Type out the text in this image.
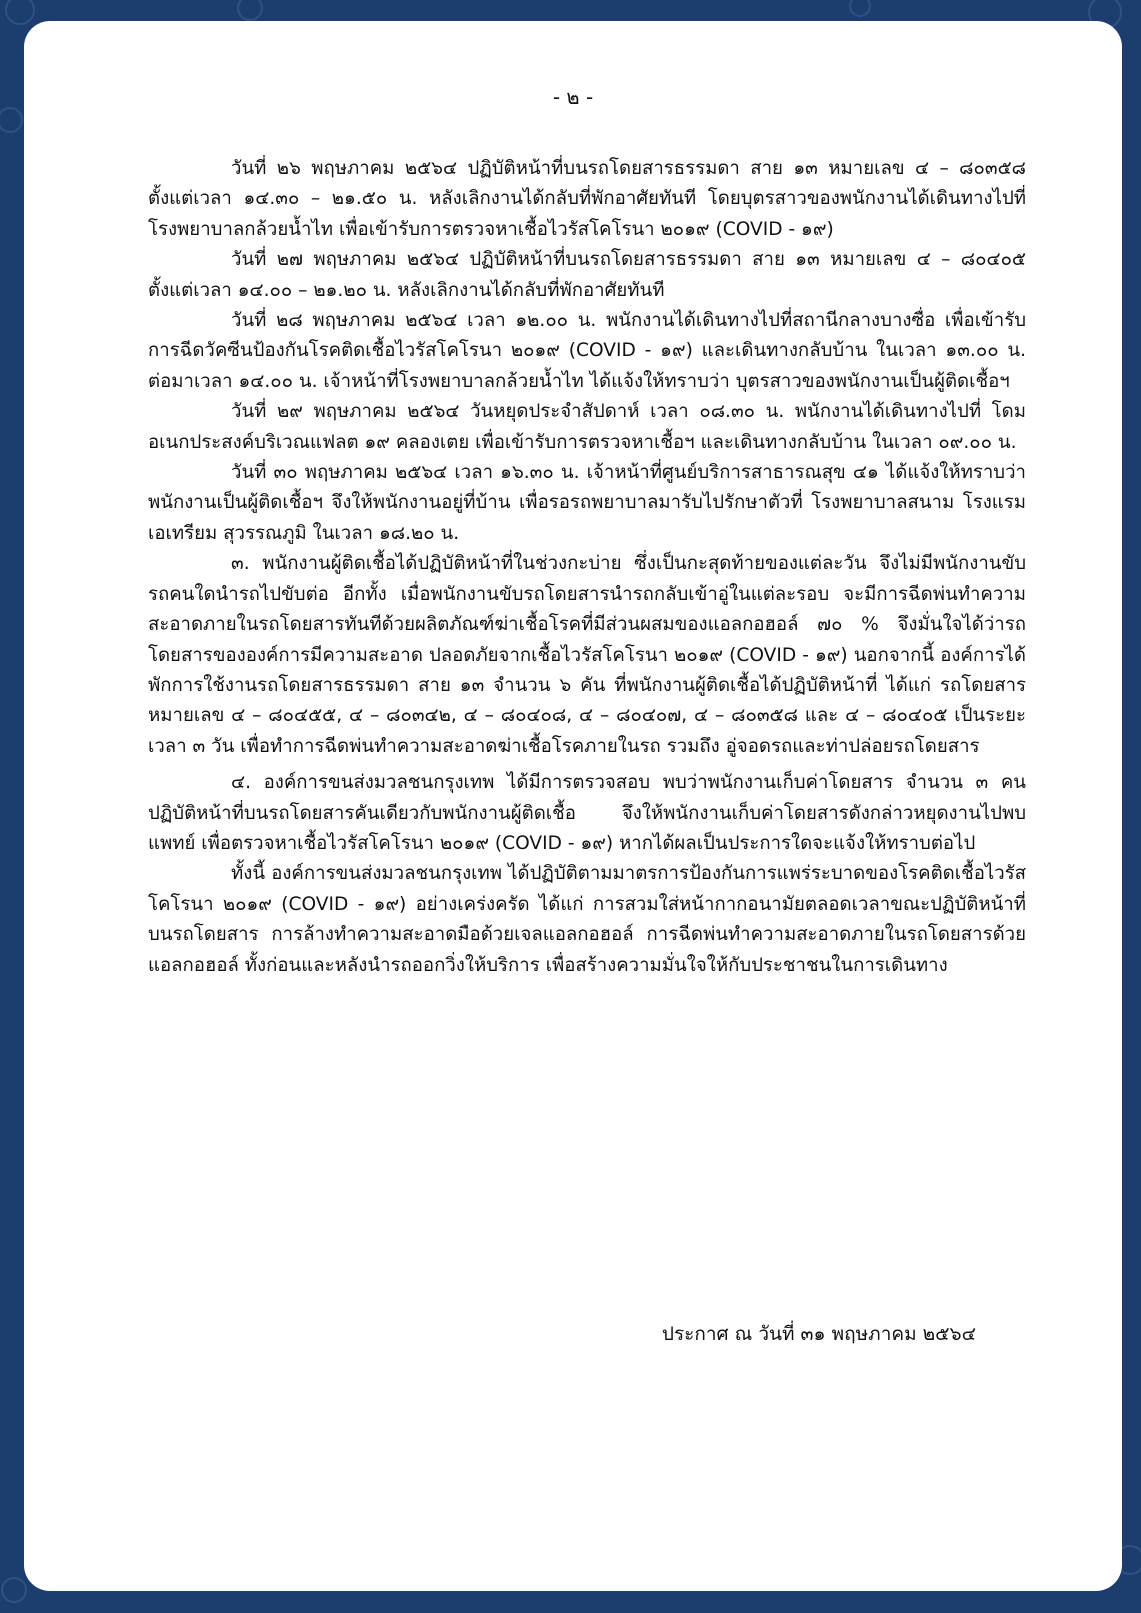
- ๒ -

วันที่ ๒๖ พฤษภาคม ๒๕๖๔ ปฏิบัติหน้าที่บนรถโดยสารธรรมดา สาย ๑๓ หมายเลข ๔ – ๘๐๓๕๘ ตั้งแต่เวลา ๑๔.๓๐ – ๒๑.๕๐ น. หลังเลิกงานได้กลับที่พักอาศัยทันที โดยบุตรสาวของพนักงานได้เดินทางไปที่ โรงพยาบาลกล้วยน้ำไท เพื่อเข้ารับการตรวจหาเชื้อไวรัสโคโรนา ๒๐๑๙ (COVID - ๑๙)

วันที่ ๒๗ พฤษภาคม ๒๕๖๔ ปฏิบัติหน้าที่บนรถโดยสารธรรมดา สาย ๑๓ หมายเลข ๔ – ๘๐๔๐๕ ตั้งแต่เวลา ๑๔.๐๐ – ๒๑.๒๐ น. หลังเลิกงานได้กลับที่พักอาศัยทันที

วันที่ ๒๘ พฤษภาคม ๒๕๖๔ เวลา ๑๒.๐๐ น. พนักงานได้เดินทางไปที่สถานีกลางบางซื่อ เพื่อเข้ารับการฉีดวัคซีนป้องกันโรคติดเชื้อไวรัสโคโรนา ๒๐๑๙ (COVID - ๑๙) และเดินทางกลับบ้าน ในเวลา ๑๓.๐๐ น. ต่อมาเวลา ๑๔.๐๐ น. เจ้าหน้าที่โรงพยาบาลกล้วยน้ำไท ได้แจ้งให้ทราบว่า บุตรสาวของพนักงานเป็นผู้ติดเชื้อฯ

วันที่ ๒๙ พฤษภาคม ๒๕๖๔ วันหยุดประจำสัปดาห์ เวลา ๐๘.๓๐ น. พนักงานได้เดินทางไปที่ โดมอเนกประสงค์บริเวณแฟลต ๑๙ คลองเตย เพื่อเข้ารับการตรวจหาเชื้อฯ และเดินทางกลับบ้าน ในเวลา ๐๙.๐๐ น.

วันที่ ๓๐ พฤษภาคม ๒๕๖๔ เวลา ๑๖.๓๐ น. เจ้าหน้าที่ศูนย์บริการสาธารณสุข ๔๑ ได้แจ้งให้ทราบว่า พนักงานเป็นผู้ติดเชื้อฯ จึงให้พนักงานอยู่ที่บ้าน เพื่อรอรถพยาบาลมารับไปรักษาตัวที่ โรงพยาบาลสนาม โรงแรมเอเทรียม สุวรรณภูมิ ในเวลา ๑๘.๒๐ น.

๓. พนักงานผู้ติดเชื้อได้ปฏิบัติหน้าที่ในช่วงกะบ่าย ซึ่งเป็นกะสุดท้ายของแต่ละวัน จึงไม่มีพนักงานขับรถคนใดนำรถไปขับต่อ อีกทั้ง เมื่อพนักงานขับรถโดยสารนำรถกลับเข้าอู่ในแต่ละรอบ จะมีการฉีดพ่นทำความสะอาดภายในรถโดยสารทันทีด้วยผลิตภัณฑ์ฆ่าเชื้อโรคที่มีส่วนผสมของแอลกอฮอล์ ๗๐ % จึงมั่นใจได้ว่ารถโดยสารขององค์การมีความสะอาด ปลอดภัยจากเชื้อไวรัสโคโรนา ๒๐๑๙ (COVID - ๑๙) นอกจากนี้ องค์การได้พักการใช้งานรถโดยสารธรรมดา สาย ๑๓ จำนวน ๖ คัน ที่พนักงานผู้ติดเชื้อได้ปฏิบัติหน้าที่ ได้แก่ รถโดยสาร หมายเลข ๔ – ๘๐๔๕๕, ๔ – ๘๐๓๔๒, ๔ – ๘๐๔๐๘, ๔ – ๘๐๔๐๗, ๔ – ๘๐๓๕๘ และ ๔ – ๘๐๔๐๕ เป็นระยะเวลา ๓ วัน เพื่อทำการฉีดพ่นทำความสะอาดฆ่าเชื้อโรคภายในรถ รวมถึง อู่จอดรถและท่าปล่อยรถโดยสาร

๔. องค์การขนส่งมวลชนกรุงเทพ ได้มีการตรวจสอบ พบว่าพนักงานเก็บค่าโดยสาร จำนวน ๓ คน ปฏิบัติหน้าที่บนรถโดยสารคันเดียวกับพนักงานผู้ติดเชื้อ จึงให้พนักงานเก็บค่าโดยสารดังกล่าวหยุดงานไปพบแพทย์ เพื่อตรวจหาเชื้อไวรัสโคโรนา ๒๐๑๙ (COVID - ๑๙) หากได้ผลเป็นประการใดจะแจ้งให้ทราบต่อไป

ทั้งนี้ องค์การขนส่งมวลชนกรุงเทพ ได้ปฏิบัติตามมาตรการป้องกันการแพร่ระบาดของโรคติดเชื้อไวรัสโคโรนา ๒๐๑๙ (COVID - ๑๙) อย่างเคร่งครัด ได้แก่ การสวมใส่หน้ากากอนามัยตลอดเวลาขณะปฏิบัติหน้าที่บนรถโดยสาร การล้างทำความสะอาดมือด้วยเจลแอลกอฮอล์ การฉีดพ่นทำความสะอาดภายในรถโดยสารด้วยแอลกอฮอล์ ทั้งก่อนและหลังนำรถออกวิ่งให้บริการ เพื่อสร้างความมั่นใจให้กับประชาชนในการเดินทาง

ประกาศ ณ วันที่ ๓๑ พฤษภาคม ๒๕๖๔
